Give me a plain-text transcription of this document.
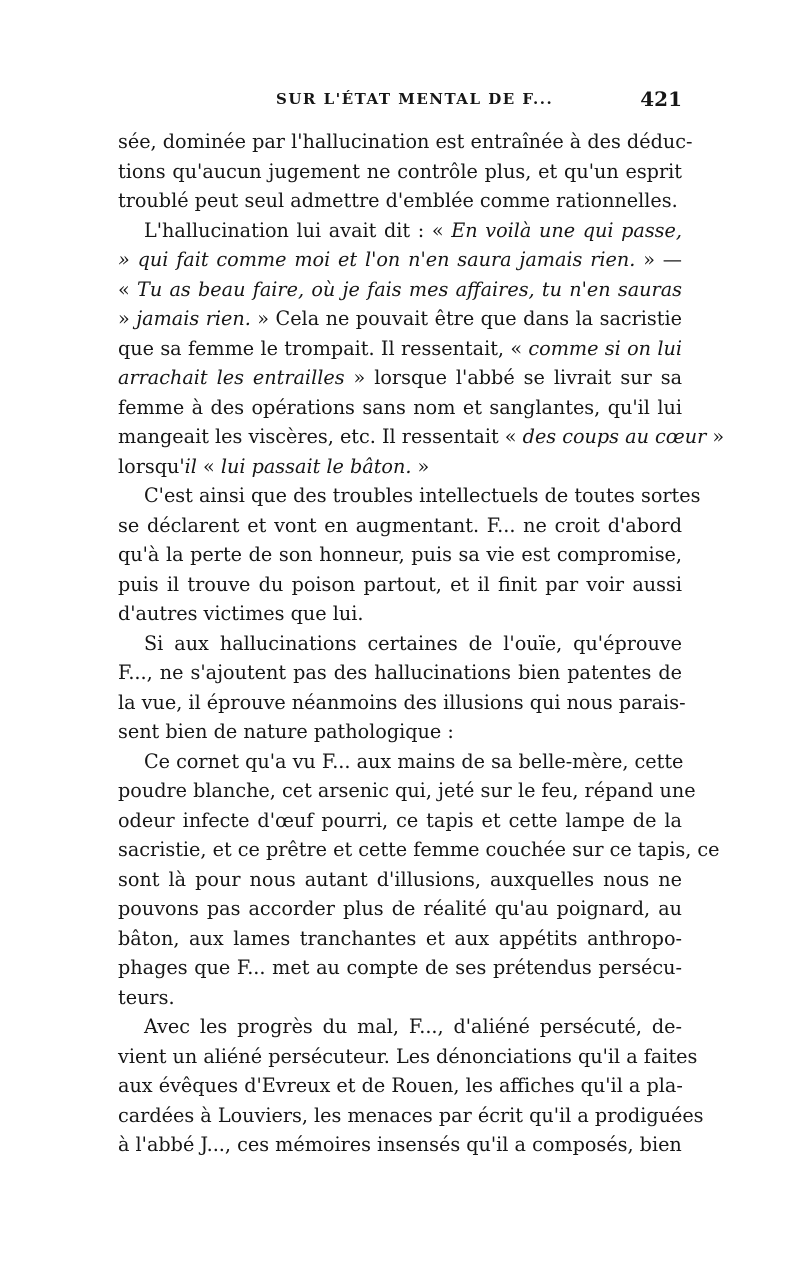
SUR L'ÉTAT MENTAL DE F...	421
sée, dominée par l'hallucination est entraînée à des déduc-
tions qu'aucun jugement ne contrôle plus, et qu'un esprit
troublé peut seul admettre d'emblée comme rationnelles.
L'hallucination lui avait dit : « En voilà une qui passe,
» qui fait comme moi et l'on n'en saura jamais rien. » —
« Tu as beau faire, où je fais mes affaires, tu n'en sauras
» jamais rien. » Cela ne pouvait être que dans la sacristie
que sa femme le trompait. Il ressentait, « comme si on lui
arrachait les entrailles » lorsque l'abbé se livrait sur sa
femme à des opérations sans nom et sanglantes, qu'il lui
mangeait les viscères, etc. Il ressentait « des coups au cœur »
lorsqu'il « lui passait le bâton. »
C'est ainsi que des troubles intellectuels de toutes sortes
se déclarent et vont en augmentant. F... ne croit d'abord
qu'à la perte de son honneur, puis sa vie est compromise,
puis il trouve du poison partout, et il finit par voir aussi
d'autres victimes que lui.
Si aux hallucinations certaines de l'ouïe, qu'éprouve
F..., ne s'ajoutent pas des hallucinations bien patentes de
la vue, il éprouve néanmoins des illusions qui nous parais-
sent bien de nature pathologique :
Ce cornet qu'a vu F... aux mains de sa belle-mère, cette
poudre blanche, cet arsenic qui, jeté sur le feu, répand une
odeur infecte d'œuf pourri, ce tapis et cette lampe de la
sacristie, et ce prêtre et cette femme couchée sur ce tapis, ce
sont là pour nous autant d'illusions, auxquelles nous ne
pouvons pas accorder plus de réalité qu'au poignard, au
bâton, aux lames tranchantes et aux appétits anthropo-
phages que F... met au compte de ses prétendus persécu-
teurs.
Avec les progrès du mal, F..., d'aliéné persécuté, de-
vient un aliéné persécuteur. Les dénonciations qu'il a faites
aux évêques d'Evreux et de Rouen, les affiches qu'il a pla-
cardées à Louviers, les menaces par écrit qu'il a prodiguées
à l'abbé J..., ces mémoires insensés qu'il a composés, bien
